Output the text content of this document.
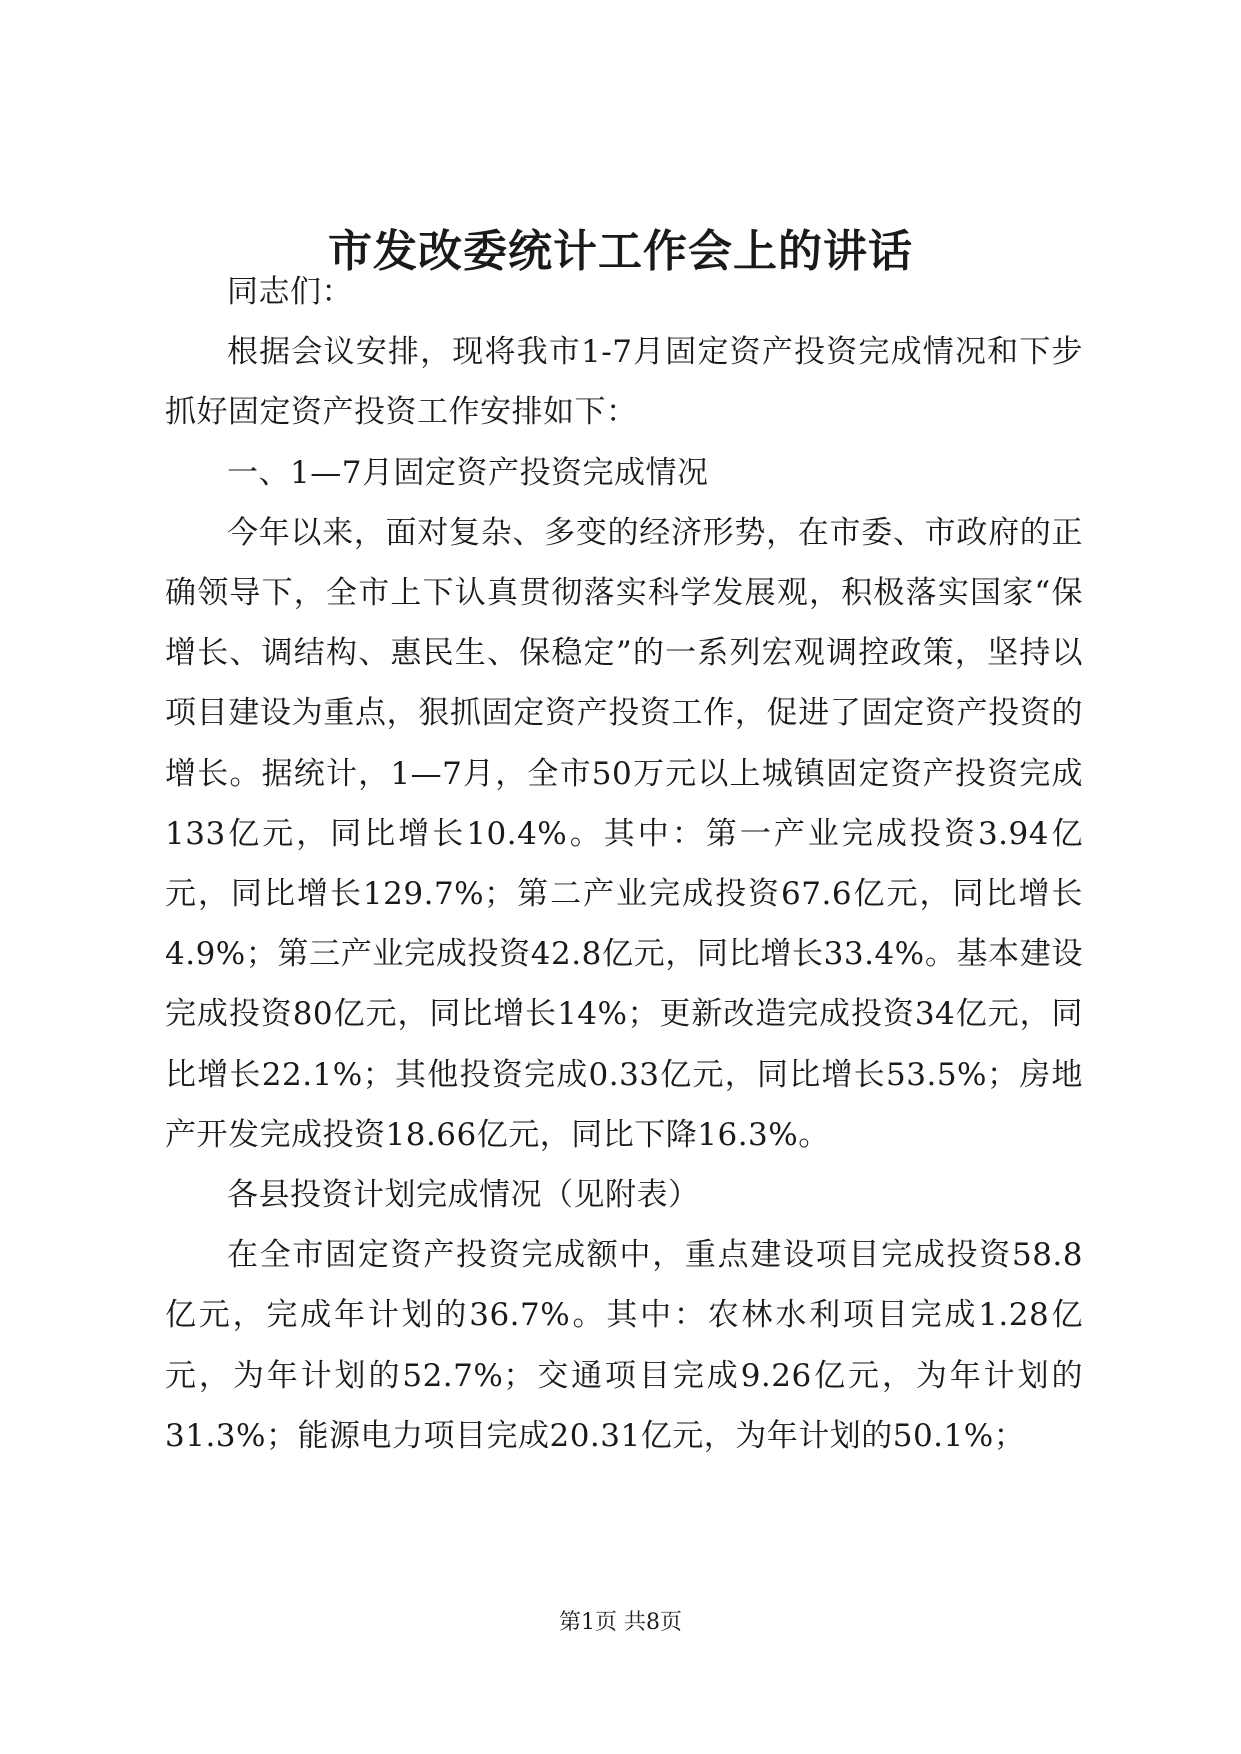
市发改委统计工作会上的讲话

同志们：

根据会议安排，现将我市1-7月固定资产投资完成情况和下步抓好固定资产投资工作安排如下：

一、1—7月固定资产投资完成情况

今年以来，面对复杂、多变的经济形势，在市委、市政府的正确领导下，全市上下认真贯彻落实科学发展观，积极落实国家“保增长、调结构、惠民生、保稳定”的一系列宏观调控政策，坚持以项目建设为重点，狠抓固定资产投资工作，促进了固定资产投资的增长。据统计，1—7月，全市50万元以上城镇固定资产投资完成133亿元，同比增长10.4%。其中：第一产业完成投资3.94亿元，同比增长129.7%；第二产业完成投资67.6亿元，同比增长4.9%；第三产业完成投资42.8亿元，同比增长33.4%。基本建设完成投资80亿元，同比增长14%；更新改造完成投资34亿元，同比增长22.1%；其他投资完成0.33亿元，同比增长53.5%；房地产开发完成投资18.66亿元，同比下降16.3%。

各县投资计划完成情况（见附表）

在全市固定资产投资完成额中，重点建设项目完成投资58.8亿元，完成年计划的36.7%。其中：农林水利项目完成1.28亿元，为年计划的52.7%；交通项目完成9.26亿元，为年计划的31.3%；能源电力项目完成20.31亿元，为年计划的50.1%；

第1页 共8页
